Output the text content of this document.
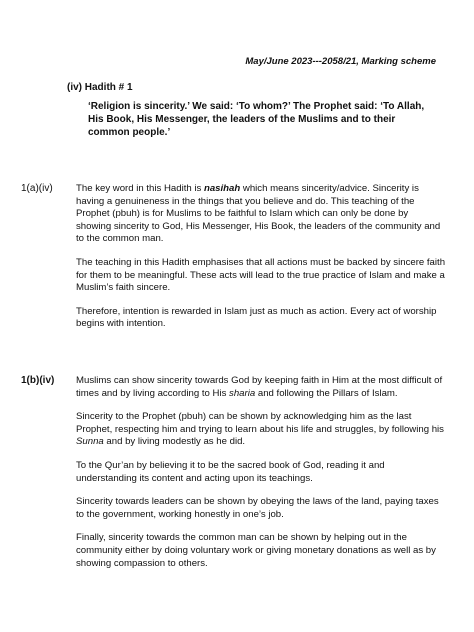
May/June 2023---2058/21, Marking scheme
(iv) Hadith # 1
‘Religion is sincerity.’ We said: ‘To whom?’ The Prophet said: ‘To Allah, His Book, His Messenger, the leaders of the Muslims and to their common people.’
1(a)(iv) The key word in this Hadith is nasihah which means sincerity/advice. Sincerity is having a genuineness in the things that you believe and do. This teaching of the Prophet (pbuh) is for Muslims to be faithful to Islam which can only be done by showing sincerity to God, His Messenger, His Book, the leaders of the community and to the common man.

The teaching in this Hadith emphasises that all actions must be backed by sincere faith for them to be meaningful. These acts will lead to the true practice of Islam and make a Muslim’s faith sincere.

Therefore, intention is rewarded in Islam just as much as action. Every act of worship begins with intention.

1(b)(iv) Muslims can show sincerity towards God by keeping faith in Him at the most difficult of times and by living according to His sharia and following the Pillars of Islam.

Sincerity to the Prophet (pbuh) can be shown by acknowledging him as the last Prophet, respecting him and trying to learn about his life and struggles, by following his Sunna and by living modestly as he did.

To the Qur’an by believing it to be the sacred book of God, reading it and understanding its content and acting upon its teachings.

Sincerity towards leaders can be shown by obeying the laws of the land, paying taxes to the government, working honestly in one’s job.

Finally, sincerity towards the common man can be shown by helping out in the community either by doing voluntary work or giving monetary donations as well as by showing compassion to others.
